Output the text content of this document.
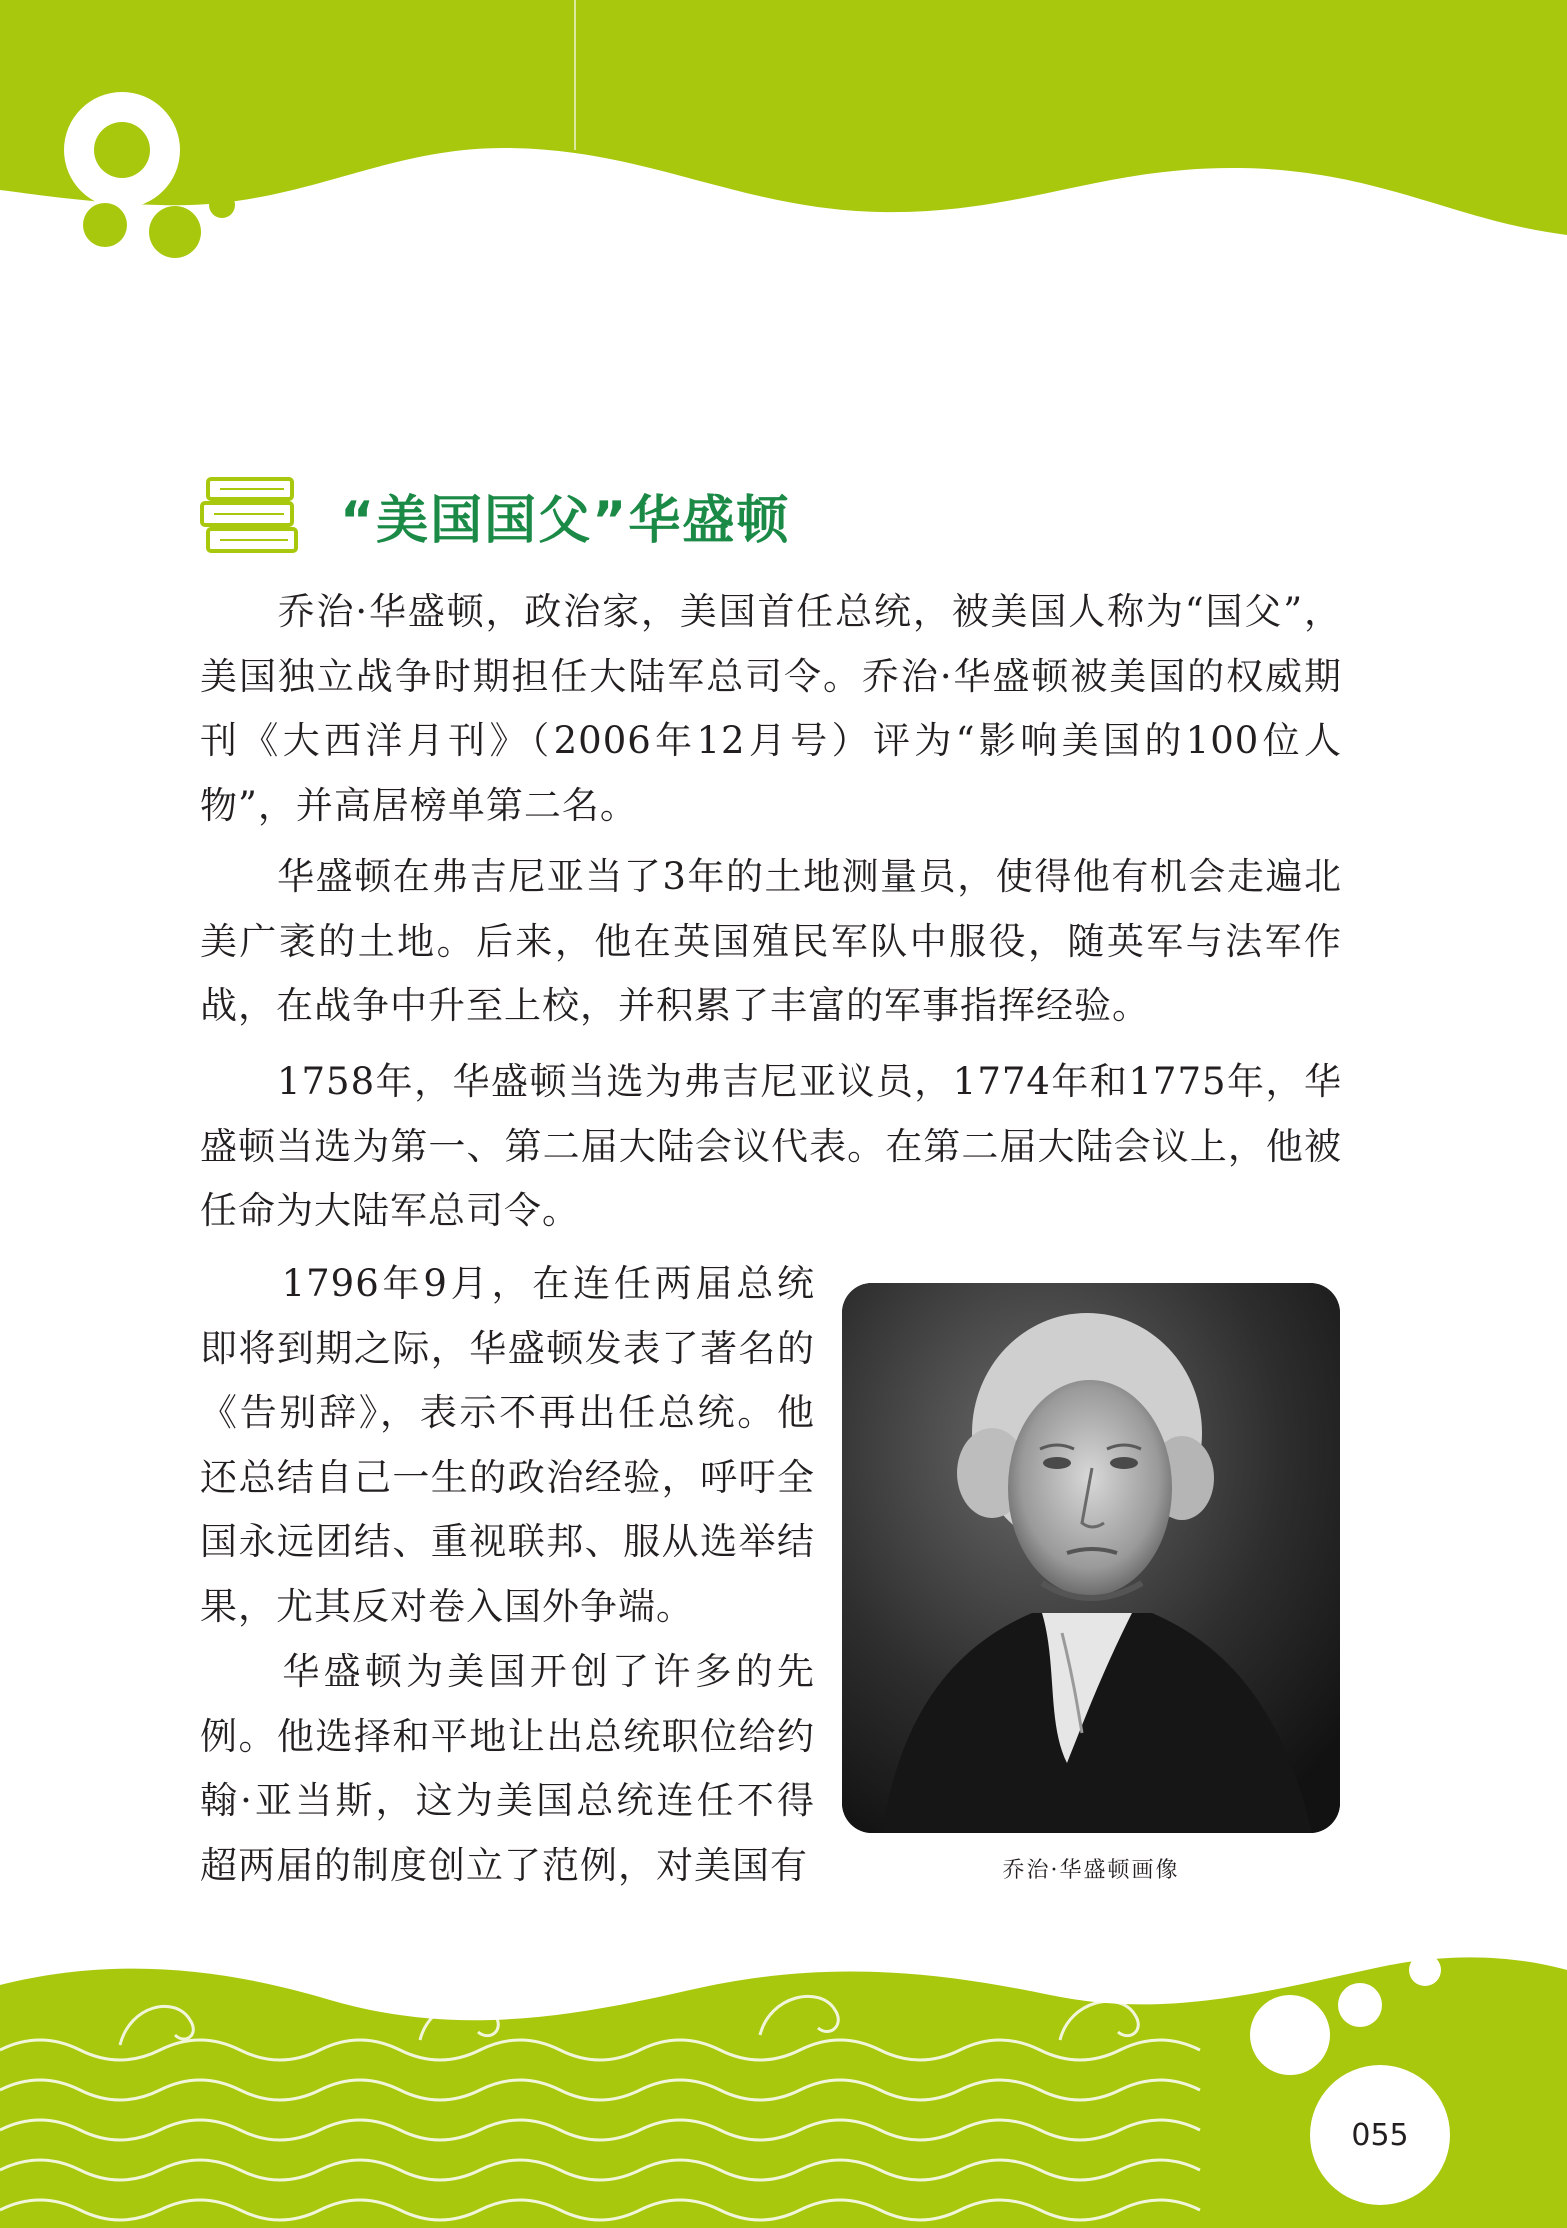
“美国国父”华盛顿

　　乔治·华盛顿，政治家，美国首任总统，被美国人称为“国父”，美国独立战争时期担任大陆军总司令。乔治·华盛顿被美国的权威期刊《大西洋月刊》（2006年12月号）评为“影响美国的100位人物”，并高居榜单第二名。

　　华盛顿在弗吉尼亚当了3年的土地测量员，使得他有机会走遍北美广袤的土地。后来，他在英国殖民军队中服役，随英军与法军作战，在战争中升至上校，并积累了丰富的军事指挥经验。

　　1758年，华盛顿当选为弗吉尼亚议员，1774年和1775年，华盛顿当选为第一、第二届大陆会议代表。在第二届大陆会议上，他被任命为大陆军总司令。

　　1796年9月，在连任两届总统即将到期之际，华盛顿发表了著名的《告别辞》，表示不再出任总统。他还总结自己一生的政治经验，呼吁全国永远团结、重视联邦、服从选举结果，尤其反对卷入国外争端。

　　华盛顿为美国开创了许多的先例。他选择和平地让出总统职位给约翰·亚当斯，这为美国总统连任不得超两届的制度创立了范例，对美国有	乔治·华盛顿画像
055
